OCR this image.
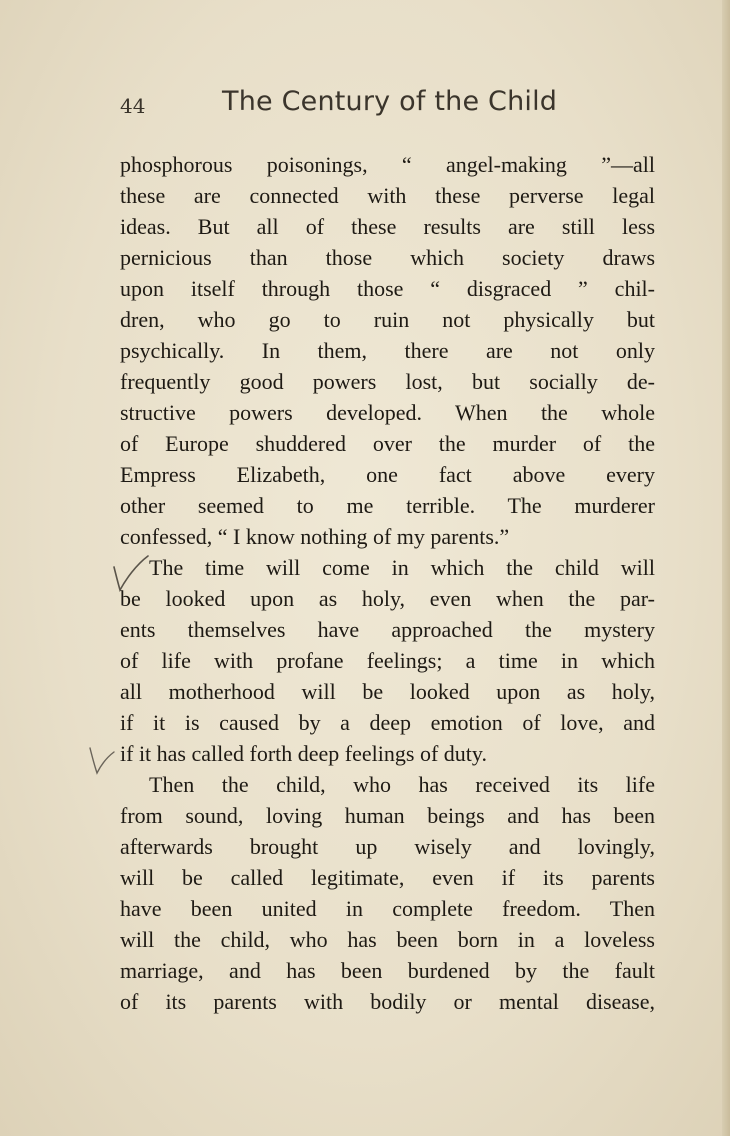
44	The Century of the Child
phosphorous poisonings, “ angel-making ”—all
these are connected with these perverse legal
ideas. But all of these results are still less
pernicious than those which society draws
upon itself through those “ disgraced ” chil-
dren, who go to ruin not physically but
psychically. In them, there are not only
frequently good powers lost, but socially de-
structive powers developed. When the whole
of Europe shuddered over the murder of the
Empress Elizabeth, one fact above every
other seemed to me terrible. The murderer
confessed, “ I know nothing of my parents.”
The time will come in which the child will
be looked upon as holy, even when the par-
ents themselves have approached the mystery
of life with profane feelings; a time in which
all motherhood will be looked upon as holy,
if it is caused by a deep emotion of love, and
if it has called forth deep feelings of duty.
Then the child, who has received its life
from sound, loving human beings and has been
afterwards brought up wisely and lovingly,
will be called legitimate, even if its parents
have been united in complete freedom. Then
will the child, who has been born in a loveless
marriage, and has been burdened by the fault
of its parents with bodily or mental disease,
